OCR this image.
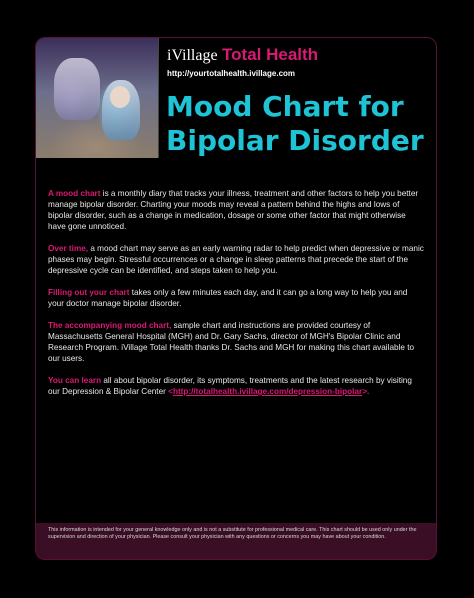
iVillage Total Health
http://yourtotalhealth.ivillage.com
Mood Chart for
Bipolar Disorder

A mood chart is a monthly diary that tracks your illness, treatment and other factors to help you better manage bipolar disorder. Charting your moods may reveal a pattern behind the highs and lows of bipolar disorder, such as a change in medication, dosage or some other factor that might otherwise have gone unnoticed.

Over time, a mood chart may serve as an early warning radar to help predict when depressive or manic phases may begin. Stressful occurrences or a change in sleep patterns that precede the start of the depressive cycle can be identified, and steps taken to help you.

Filling out your chart takes only a few minutes each day, and it can go a long way to help you and your doctor manage bipolar disorder.

The accompanying mood chart, sample chart and instructions are provided courtesy of Massachusetts General Hospital (MGH) and Dr. Gary Sachs, director of MGH's Bipolar Clinic and Research Program. iVillage Total Health thanks Dr. Sachs and MGH for making this chart available to our users.

You can learn all about bipolar disorder, its symptoms, treatments and the latest research by visiting our Depression & Bipolar Center <http://totalhealth.ivillage.com/depression-bipolar>.

This information is intended for your general knowledge only and is not a substitute for professional medical care. This chart should be used only under the supervision and direction of your physician. Please consult your physician with any questions or concerns you may have about your condition.
